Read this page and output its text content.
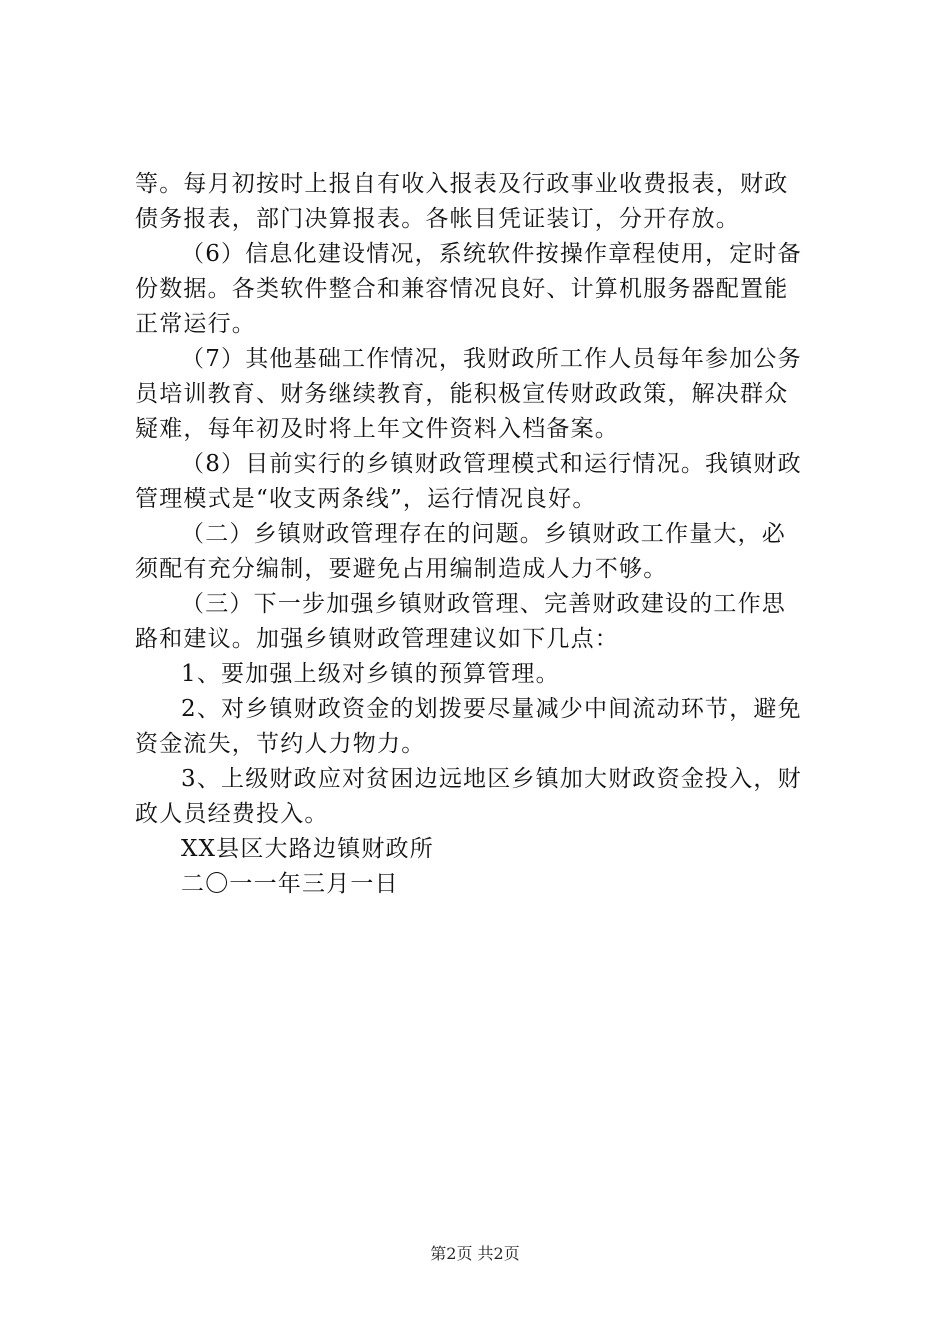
等。每月初按时上报自有收入报表及行政事业收费报表，财政
债务报表，部门决算报表。各帐目凭证装订，分开存放。
（6）信息化建设情况，系统软件按操作章程使用，定时备
份数据。各类软件整合和兼容情况良好、计算机服务器配置能
正常运行。
（7）其他基础工作情况，我财政所工作人员每年参加公务
员培训教育、财务继续教育，能积极宣传财政政策，解决群众
疑难，每年初及时将上年文件资料入档备案。
（8）目前实行的乡镇财政管理模式和运行情况。我镇财政
管理模式是“收支两条线”，运行情况良好。
（二）乡镇财政管理存在的问题。乡镇财政工作量大，必
须配有充分编制，要避免占用编制造成人力不够。
（三）下一步加强乡镇财政管理、完善财政建设的工作思
路和建议。加强乡镇财政管理建议如下几点：
1、要加强上级对乡镇的预算管理。
2、对乡镇财政资金的划拨要尽量减少中间流动环节，避免
资金流失，节约人力物力。
3、上级财政应对贫困边远地区乡镇加大财政资金投入，财
政人员经费投入。
XX县区大路边镇财政所
二〇一一年三月一日
第2页 共2页
